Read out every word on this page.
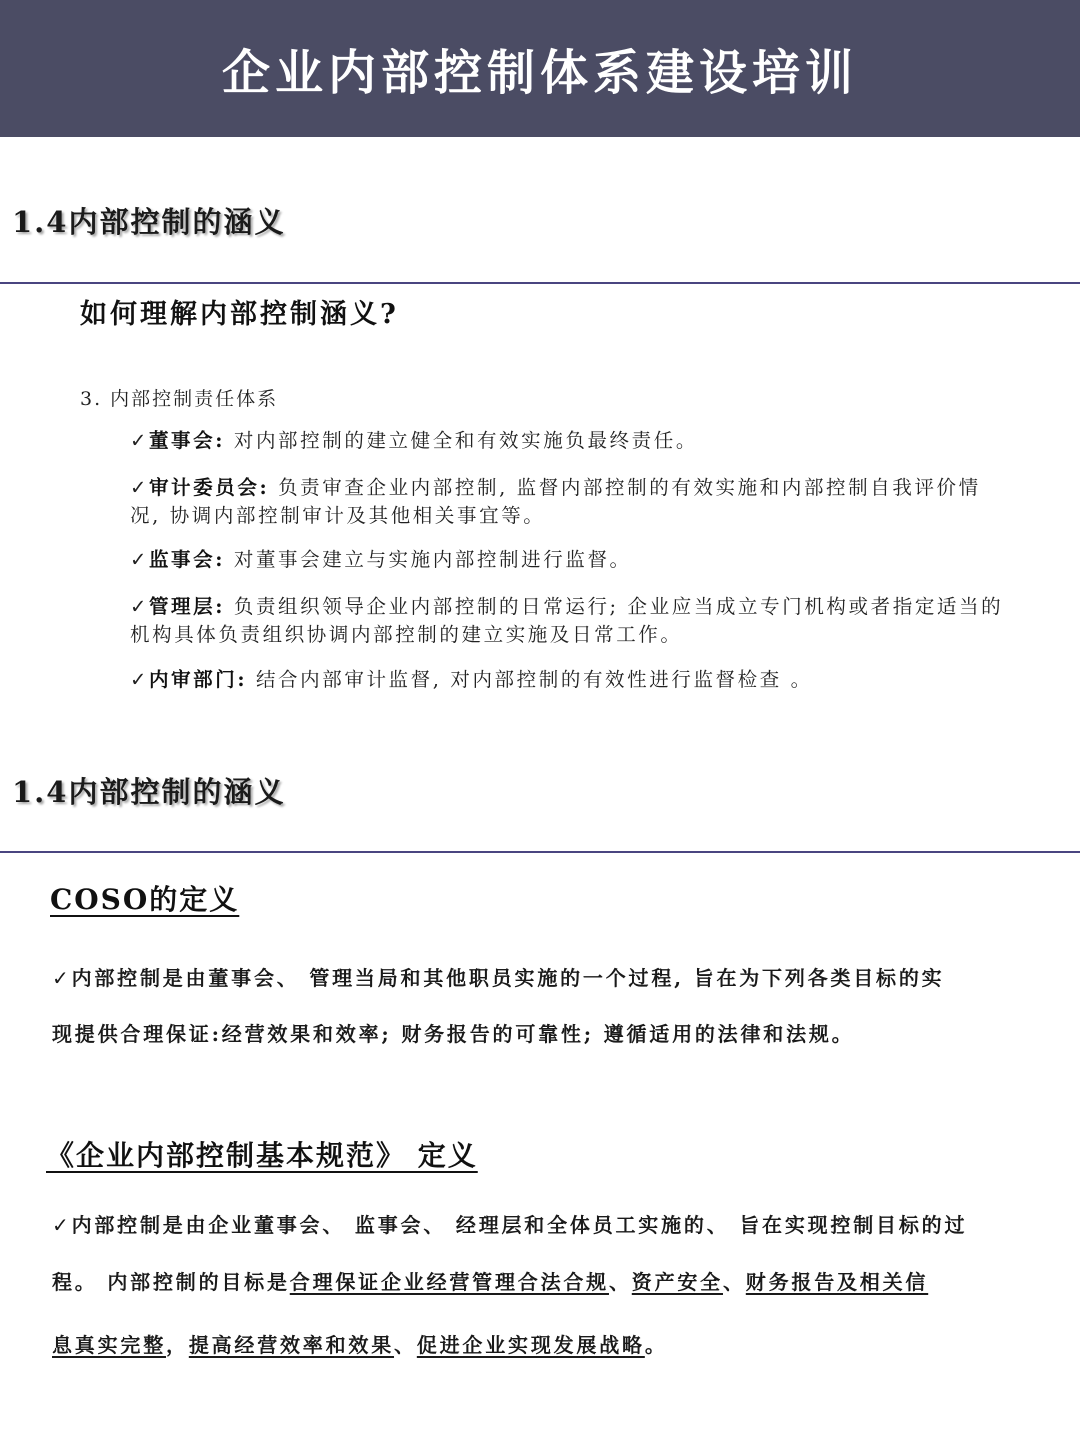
企业内部控制体系建设培训
1.4内部控制的涵义
如何理解内部控制涵义?
3. 内部控制责任体系
✓董事会: 对内部控制的建立健全和有效实施负最终责任。
✓审计委员会: 负责审查企业内部控制, 监督内部控制的有效实施和内部控制自我评价情况, 协调内部控制审计及其他相关事宜等。
✓监事会: 对董事会建立与实施内部控制进行监督。
✓管理层: 负责组织领导企业内部控制的日常运行; 企业应当成立专门机构或者指定适当的机构具体负责组织协调内部控制的建立实施及日常工作。
✓内审部门: 结合内部审计监督, 对内部控制的有效性进行监督检查 。
1.4内部控制的涵义
COSO的定义
✓内部控制是由董事会、 管理当局和其他职员实施的一个过程, 旨在为下列各类目标的实
现提供合理保证:经营效果和效率; 财务报告的可靠性; 遵循适用的法律和法规。
《企业内部控制基本规范》 定义
✓内部控制是由企业董事会、 监事会、 经理层和全体员工实施的、 旨在实现控制目标的过
程。 内部控制的目标是合理保证企业经营管理合法合规、资产安全、财务报告及相关信
息真实完整，提高经营效率和效果、促进企业实现发展战略。
